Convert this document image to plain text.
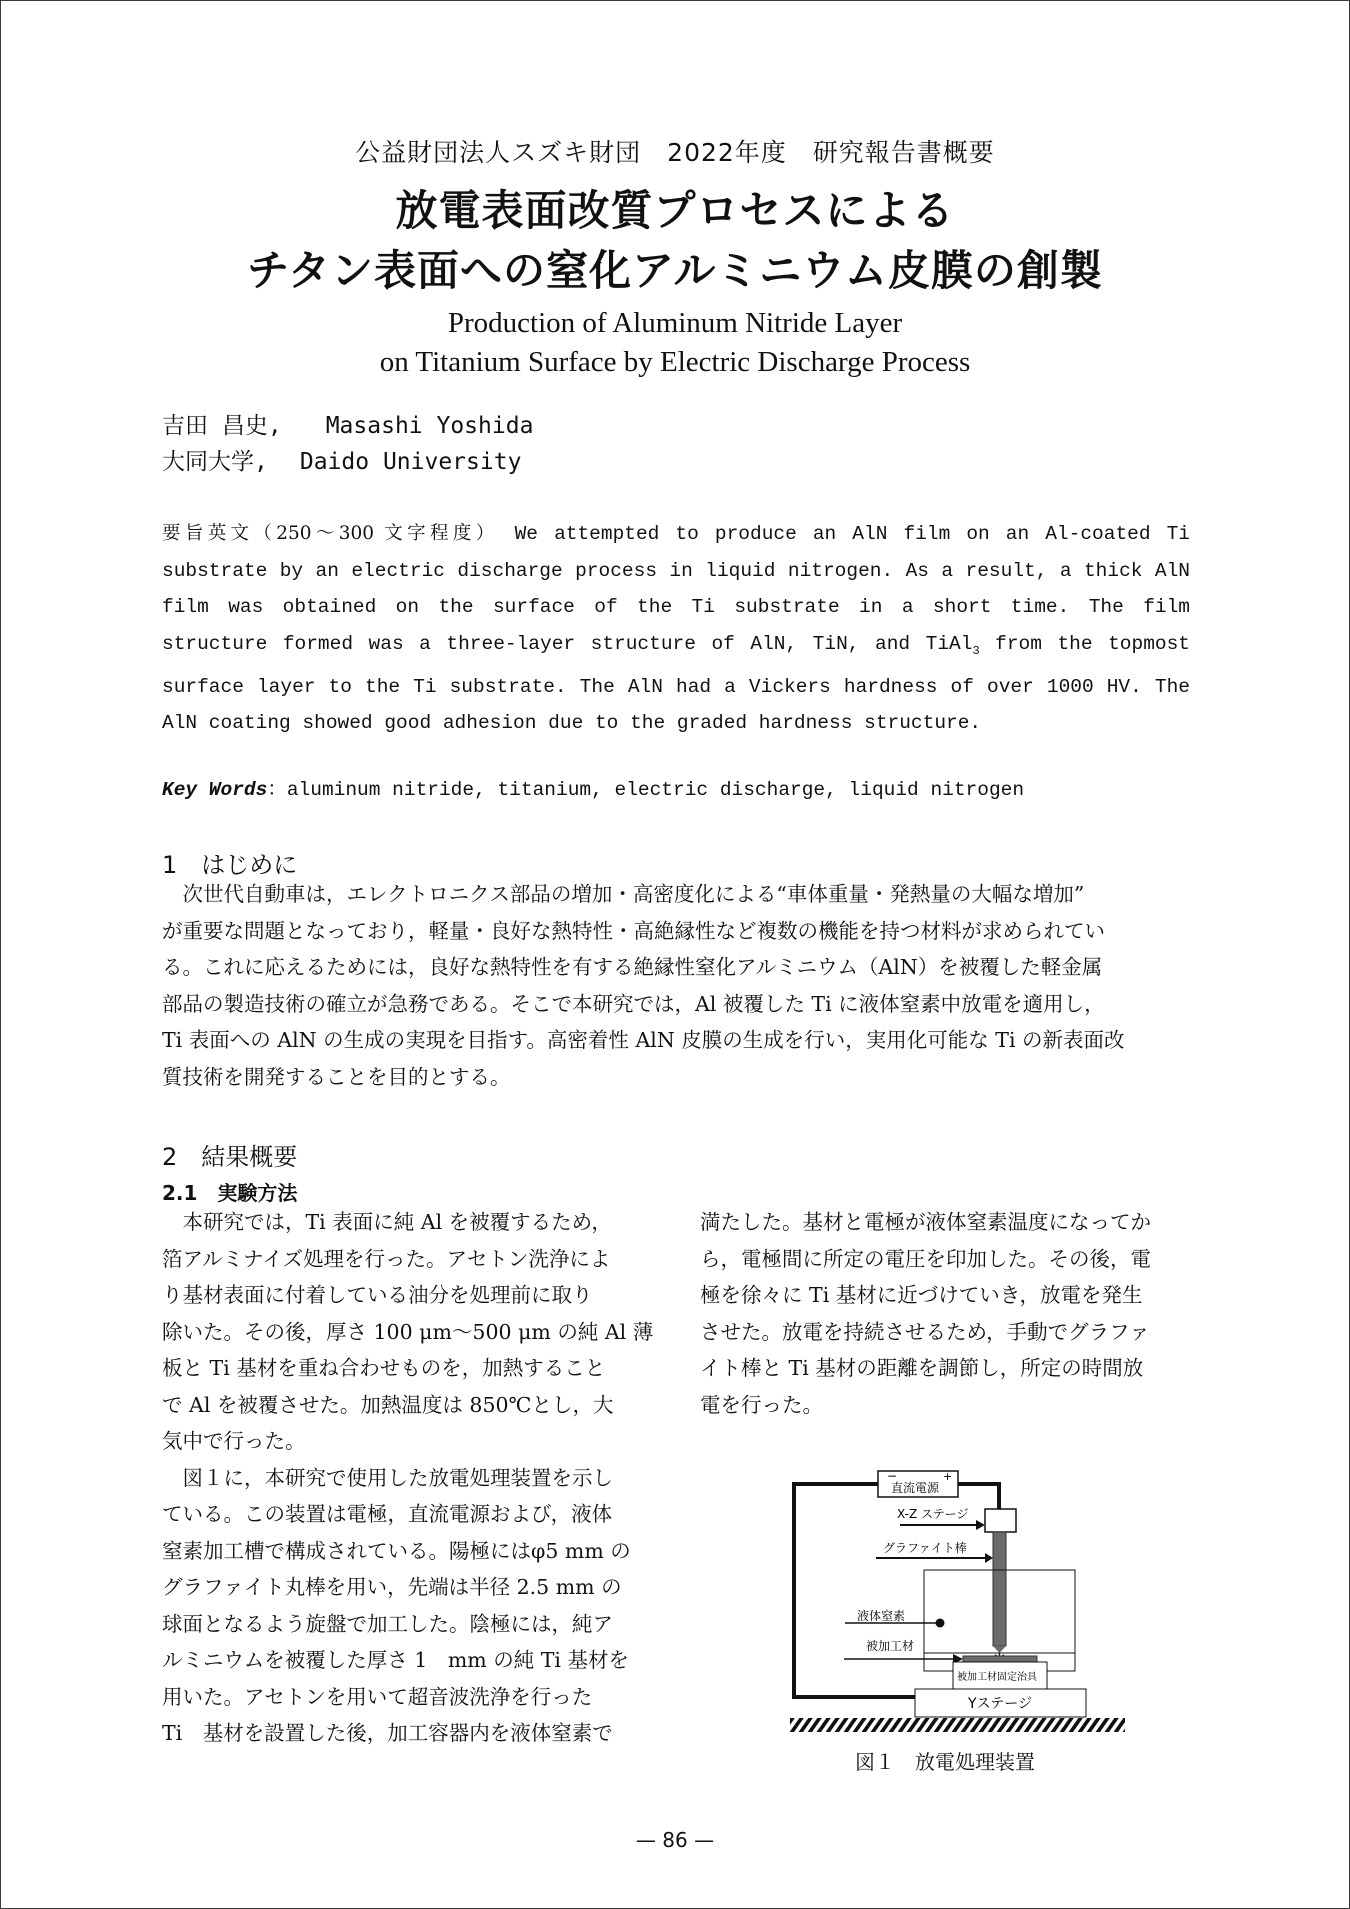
公益財団法人スズキ財団　2022年度　研究報告書概要
放電表面改質プロセスによる
チタン表面への窒化アルミニウム皮膜の創製
Production of Aluminum Nitride Layer
on Titanium Surface by Electric Discharge Process
吉田 昌史, Masashi Yoshida
大同大学, Daido University
要旨英文（250～300 文字程度） We attempted to produce an AlN film on an Al-coated Ti substrate by an electric discharge process in liquid nitrogen. As a result, a thick AlN film was obtained on the surface of the Ti substrate in a short time. The film structure formed was a three-layer structure of AlN, TiN, and TiAl$_3$ from the topmost surface layer to the Ti substrate. The AlN had a Vickers hardness of over 1000 HV. The AlN coating showed good adhesion due to the graded hardness structure.
Key Words：aluminum nitride, titanium, electric discharge, liquid nitrogen
1　はじめに

　次世代自動車は，エレクトロニクス部品の増加・高密度化による“車体重量・発熱量の大幅な増加”

が重要な問題となっており，軽量・良好な熱特性・高絶縁性など複数の機能を持つ材料が求められてい

る。これに応えるためには，良好な熱特性を有する絶縁性窒化アルミニウム（AlN）を被覆した軽金属

部品の製造技術の確立が急務である。そこで本研究では，Al 被覆した Ti に液体窒素中放電を適用し，

Ti 表面への AlN の生成の実現を目指す。高密着性 AlN 皮膜の生成を行い，実用化可能な Ti の新表面改

質技術を開発することを目的とする。

2　結果概要
2.1　実験方法

　本研究では，Ti 表面に純 Al を被覆するため，

箔アルミナイズ処理を行った。アセトン洗浄によ

り基材表面に付着している油分を処理前に取り

除いた。その後，厚さ 100 μm～500 μm の純 Al 薄

板と Ti 基材を重ね合わせものを，加熱すること

で Al を被覆させた。加熱温度は 850℃とし，大

気中で行った。

　図１に，本研究で使用した放電処理装置を示し

ている。この装置は電極，直流電源および，液体

窒素加工槽で構成されている。陽極にはφ5 mm の

グラファイト丸棒を用い，先端は半径 2.5 mm の

球面となるよう旋盤で加工した。陰極には，純ア

ルミニウムを被覆した厚さ 1　mm の純 Ti 基材を

用いた。アセトンを用いて超音波洗浄を行った

Ti　基材を設置した後，加工容器内を液体窒素で

満たした。基材と電極が液体窒素温度になってか

ら，電極間に所定の電圧を印加した。その後，電

極を徐々に Ti 基材に近づけていき，放電を発生

させた。放電を持続させるため，手動でグラファ

イト棒と Ti 基材の距離を調節し，所定の時間放

電を行った。

−	+
直流電源
X-Z ステージ
グラファイト棒
液体窒素
被加工材
被加工材固定治具
Yステージ
図１　放電処理装置
— 86 —
